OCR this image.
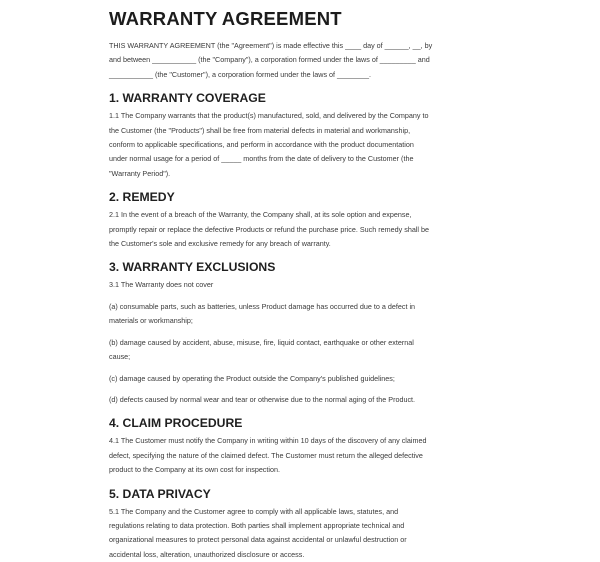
WARRANTY AGREEMENT

THIS WARRANTY AGREEMENT (the "Agreement") is made effective this ____ day of ______, __, by

and between ___________ (the "Company"), a corporation formed under the laws of _________ and

___________ (the "Customer"), a corporation formed under the laws of ________.

1. WARRANTY COVERAGE

1.1 The Company warrants that the product(s) manufactured, sold, and delivered by the Company to

the Customer (the "Products") shall be free from material defects in material and workmanship,

conform to applicable specifications, and perform in accordance with the product documentation

under normal usage for a period of _____ months from the date of delivery to the Customer (the

"Warranty Period").

2. REMEDY

2.1 In the event of a breach of the Warranty, the Company shall, at its sole option and expense,

promptly repair or replace the defective Products or refund the purchase price. Such remedy shall be

the Customer's sole and exclusive remedy for any breach of warranty.

3. WARRANTY EXCLUSIONS

3.1 The Warranty does not cover

(a) consumable parts, such as batteries, unless Product damage has occurred due to a defect in

materials or workmanship;

(b) damage caused by accident, abuse, misuse, fire, liquid contact, earthquake or other external

cause;

(c) damage caused by operating the Product outside the Company's published guidelines;

(d) defects caused by normal wear and tear or otherwise due to the normal aging of the Product.

4. CLAIM PROCEDURE

4.1 The Customer must notify the Company in writing within 10 days of the discovery of any claimed

defect, specifying the nature of the claimed defect. The Customer must return the alleged defective

product to the Company at its own cost for inspection.

5. DATA PRIVACY

5.1 The Company and the Customer agree to comply with all applicable laws, statutes, and

regulations relating to data protection. Both parties shall implement appropriate technical and

organizational measures to protect personal data against accidental or unlawful destruction or

accidental loss, alteration, unauthorized disclosure or access.
